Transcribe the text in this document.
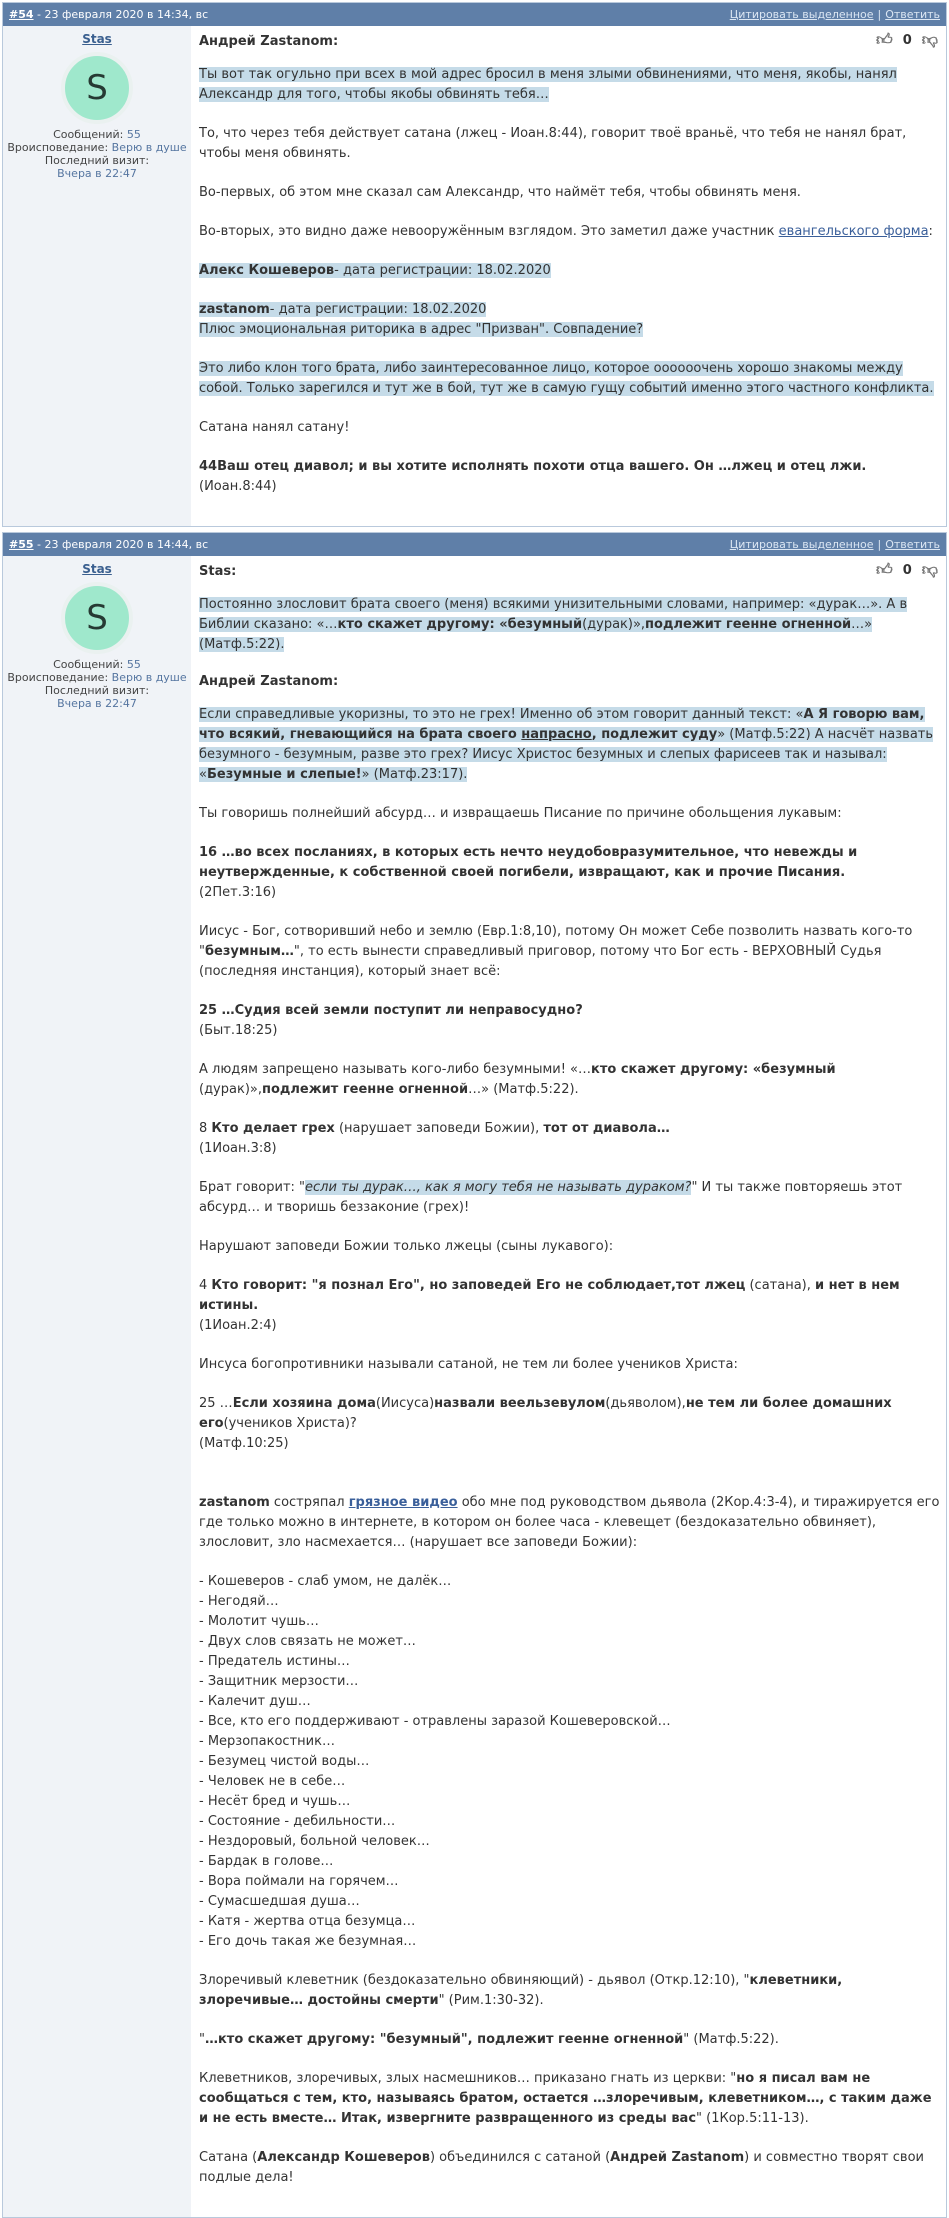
#54 - 23 февраля 2020 в 14:34, вс	Цитировать выделенное | Ответить
Stas
S
Сообщений: 55
Вроисповедание: Верю в душе
Последний визит:
Вчера в 22:47
👍︎ 0 👎︎
Андрей Zastanom:

Ты вот так огульно при всех в мой адрес бросил в меня злыми обвинениями, что меня, якобы, нанял Александр для того, чтобы якобы обвинять тебя…

То, что через тебя действует сатана (лжец - Иоан.8:44), говорит твоё враньё, что тебя не нанял брат, чтобы меня обвинять.

Во-первых, об этом мне сказал сам Александр, что наймёт тебя, чтобы обвинять меня.

Во-вторых, это видно даже невооружённым взглядом. Это заметил даже участник евангельского форма:

Алекс Кошеверов- дата регистрации: 18.02.2020

zastanom- дата регистрации: 18.02.2020
Плюс эмоциональная риторика в адрес "Призван". Совпадение?

Это либо клон того брата, либо заинтересованное лицо, которое оооооочень хорошо знакомы между собой. Только зарегился и тут же в бой, тут же в самую гущу событий именно этого частного конфликта.

Сатана нанял сатану!

44Ваш отец диавол; и вы хотите исполнять похоти отца вашего. Он …лжец и отец лжи.
(Иоан.8:44)

#55 - 23 февраля 2020 в 14:44, вс	Цитировать выделенное | Ответить
Stas
S
Сообщений: 55
Вроисповедание: Верю в душе
Последний визит:
Вчера в 22:47
👍︎ 0 👎︎
Stas:

Постоянно злословит брата своего (меня) всякими унизительными словами, например: «дурак…». А в Библии сказано: «…кто скажет другому: «безумный(дурак)»,подлежит геенне огненной…» (Матф.5:22).

Андрей Zastanom:

Если справедливые укоризны, то это не грех! Именно об этом говорит данный текст: «А Я говорю вам, что всякий, гневающийся на брата своего напрасно, подлежит суду» (Матф.5:22) А насчёт назвать безумного - безумным, разве это грех? Иисус Христос безумных и слепых фарисеев так и называл: «Безумные и слепые!» (Матф.23:17).

Ты говоришь полнейший абсурд… и извращаешь Писание по причине обольщения лукавым:

16 …во всех посланиях, в которых есть нечто неудобовразумительное, что невежды и неутвержденные, к собственной своей погибели, извращают, как и прочие Писания.
(2Пет.3:16)

Иисус - Бог, сотворивший небо и землю (Евр.1:8,10), потому Он может Себе позволить назвать кого-то "безумным…", то есть вынести справедливый приговор, потому что Бог есть - ВЕРХОВНЫЙ Судья (последняя инстанция), который знает всё:

25 …Судия всей земли поступит ли неправосудно?
(Быт.18:25)

А людям запрещено называть кого-либо безумными! «…кто скажет другому: «безумный (дурак)»,подлежит геенне огненной…» (Матф.5:22).

8 Кто делает грех (нарушает заповеди Божии), тот от диавола…
(1Иоан.3:8)

Брат говорит: "если ты дурак…, как я могу тебя не называть дураком?" И ты также повторяешь этот абсурд… и творишь беззаконие (грех)!

Нарушают заповеди Божии только лжецы (сыны лукавого):

4 Кто говорит: "я познал Его", но заповедей Его не соблюдает,тот лжец (сатана), и нет в нем истины.
(1Иоан.2:4)

Инсуса богопротивники называли сатаной, не тем ли более учеников Христа:

25 …Если хозяина дома(Иисуса)назвали веельзевулом(дьяволом),не тем ли более домашних его(учеников Христа)?
(Матф.10:25)

zastanom состряпал грязное видео обо мне под руководством дьявола (2Кор.4:3-4), и тиражируется его где только можно в интернете, в котором он более часа - клевещет (бездоказательно обвиняет), злословит, зло насмехается… (нарушает все заповеди Божии):

- Кошеверов - слаб умом, не далёк…
- Негодяй…
- Молотит чушь…
- Двух слов связать не может…
- Предатель истины…
- Защитник мерзости…
- Калечит душ…
- Все, кто его поддерживают - отравлены заразой Кошеверовской…
- Мерзопакостник…
- Безумец чистой воды…
- Человек не в себе…
- Несёт бред и чушь…
- Состояние - дебильности…
- Нездоровый, больной человек…
- Бардак в голове…
- Вора поймали на горячем…
- Сумасшедшая душа…
- Катя - жертва отца безумца…
- Его дочь такая же безумная…

Злоречивый клеветник (бездоказательно обвиняющий) - дьявол (Откр.12:10), "клеветники, злоречивые… достойны смерти" (Рим.1:30-32).

"…кто скажет другому: "безумный", подлежит геенне огненной" (Матф.5:22).

Клеветников, злоречивых, злых насмешников… приказано гнать из церкви: "но я писал вам не сообщаться с тем, кто, называясь братом, остается …злоречивым, клеветником…, с таким даже и не есть вместе… Итак, извергните развращенного из среды вас" (1Кор.5:11-13).

Сатана (Александр Кошеверов) объединился с сатаной (Андрей Zastanom) и совместно творят свои подлые дела!
